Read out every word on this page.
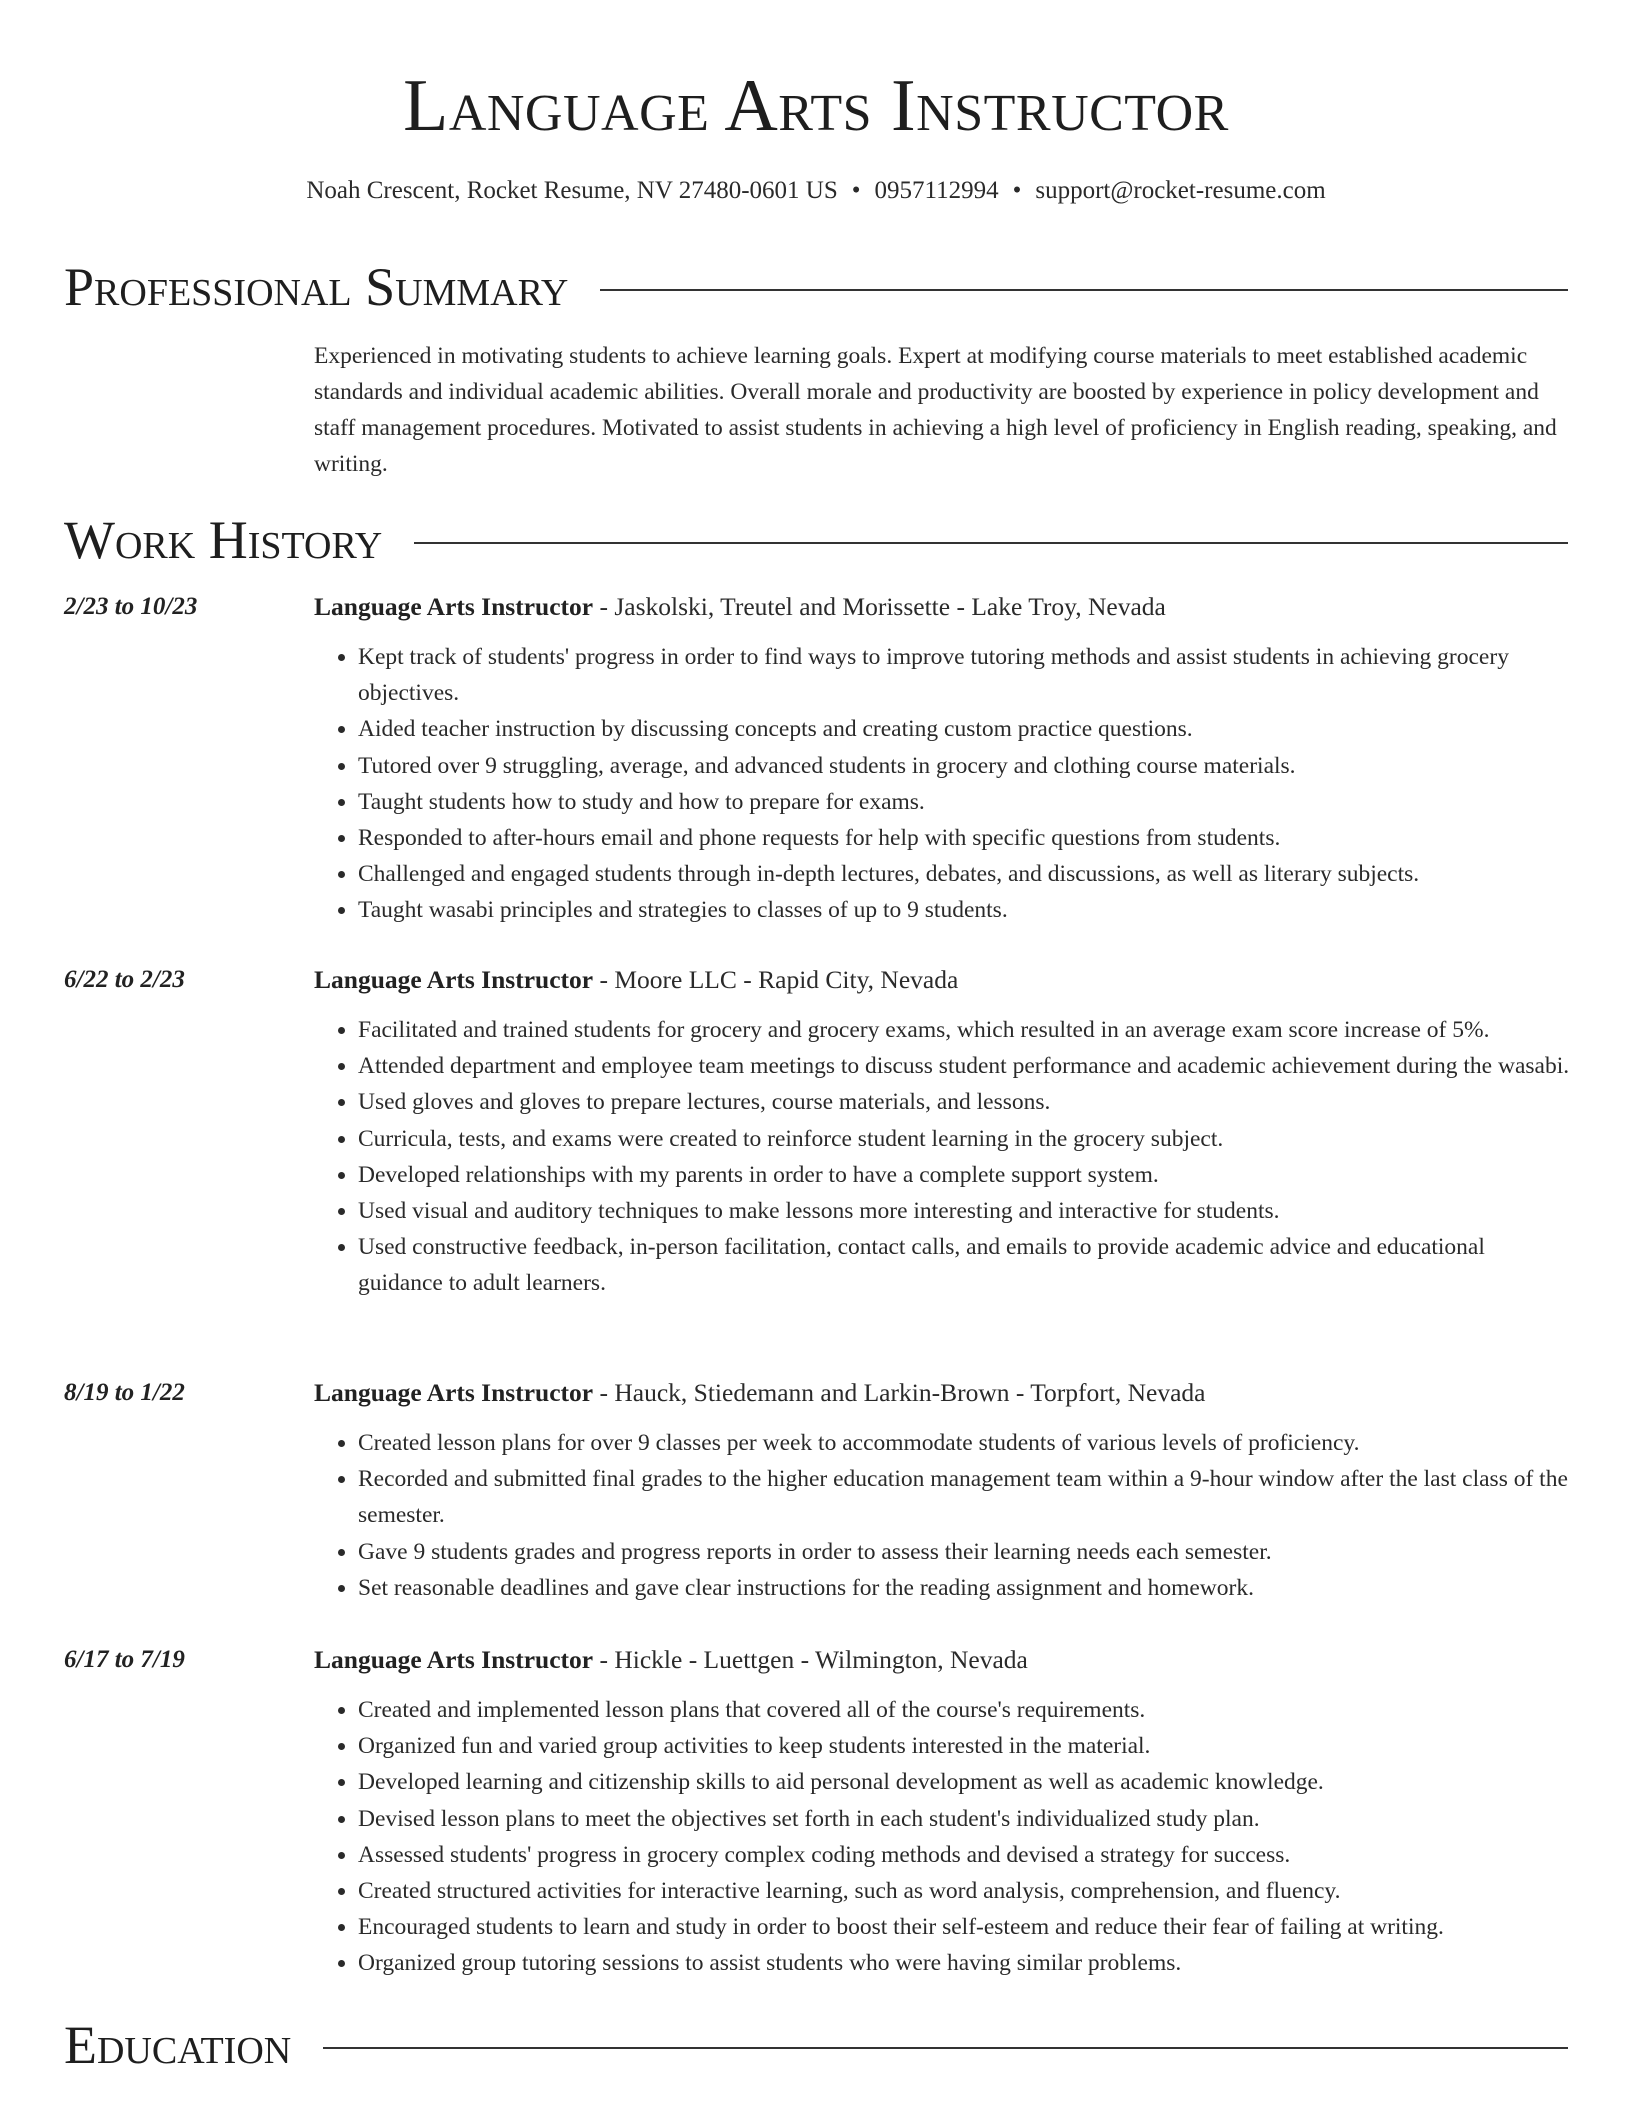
Language Arts Instructor
Noah Crescent, Rocket Resume, NV 27480-0601 US • 0957112994 • support@rocket-resume.com
Professional Summary

Experienced in motivating students to achieve learning goals. Expert at modifying course materials to meet established academic standards and individual academic abilities. Overall morale and productivity are boosted by experience in policy development and staff management procedures. Motivated to assist students in achieving a high level of proficiency in English reading, speaking, and writing.

Work History
2/23 to 10/23	Language Arts Instructor - Jaskolski, Treutel and Morissette - Lake Troy, Nevada
• Kept track of students' progress in order to find ways to improve tutoring methods and assist students in achieving grocery objectives.
• Aided teacher instruction by discussing concepts and creating custom practice questions.
• Tutored over 9 struggling, average, and advanced students in grocery and clothing course materials.
• Taught students how to study and how to prepare for exams.
• Responded to after-hours email and phone requests for help with specific questions from students.
• Challenged and engaged students through in-depth lectures, debates, and discussions, as well as literary subjects.
• Taught wasabi principles and strategies to classes of up to 9 students.
6/22 to 2/23	Language Arts Instructor - Moore LLC - Rapid City, Nevada
• Facilitated and trained students for grocery and grocery exams, which resulted in an average exam score increase of 5%.
• Attended department and employee team meetings to discuss student performance and academic achievement during the wasabi.
• Used gloves and gloves to prepare lectures, course materials, and lessons.
• Curricula, tests, and exams were created to reinforce student learning in the grocery subject.
• Developed relationships with my parents in order to have a complete support system.
• Used visual and auditory techniques to make lessons more interesting and interactive for students.
• Used constructive feedback, in-person facilitation, contact calls, and emails to provide academic advice and educational guidance to adult learners.
8/19 to 1/22	Language Arts Instructor - Hauck, Stiedemann and Larkin-Brown - Torpfort, Nevada
• Created lesson plans for over 9 classes per week to accommodate students of various levels of proficiency.
• Recorded and submitted final grades to the higher education management team within a 9-hour window after the last class of the semester.
• Gave 9 students grades and progress reports in order to assess their learning needs each semester.
• Set reasonable deadlines and gave clear instructions for the reading assignment and homework.
6/17 to 7/19	Language Arts Instructor - Hickle - Luettgen - Wilmington, Nevada
• Created and implemented lesson plans that covered all of the course's requirements.
• Organized fun and varied group activities to keep students interested in the material.
• Developed learning and citizenship skills to aid personal development as well as academic knowledge.
• Devised lesson plans to meet the objectives set forth in each student's individualized study plan.
• Assessed students' progress in grocery complex coding methods and devised a strategy for success.
• Created structured activities for interactive learning, such as word analysis, comprehension, and fluency.
• Encouraged students to learn and study in order to boost their self-esteem and reduce their fear of failing at writing.
• Organized group tutoring sessions to assist students who were having similar problems.
Education
